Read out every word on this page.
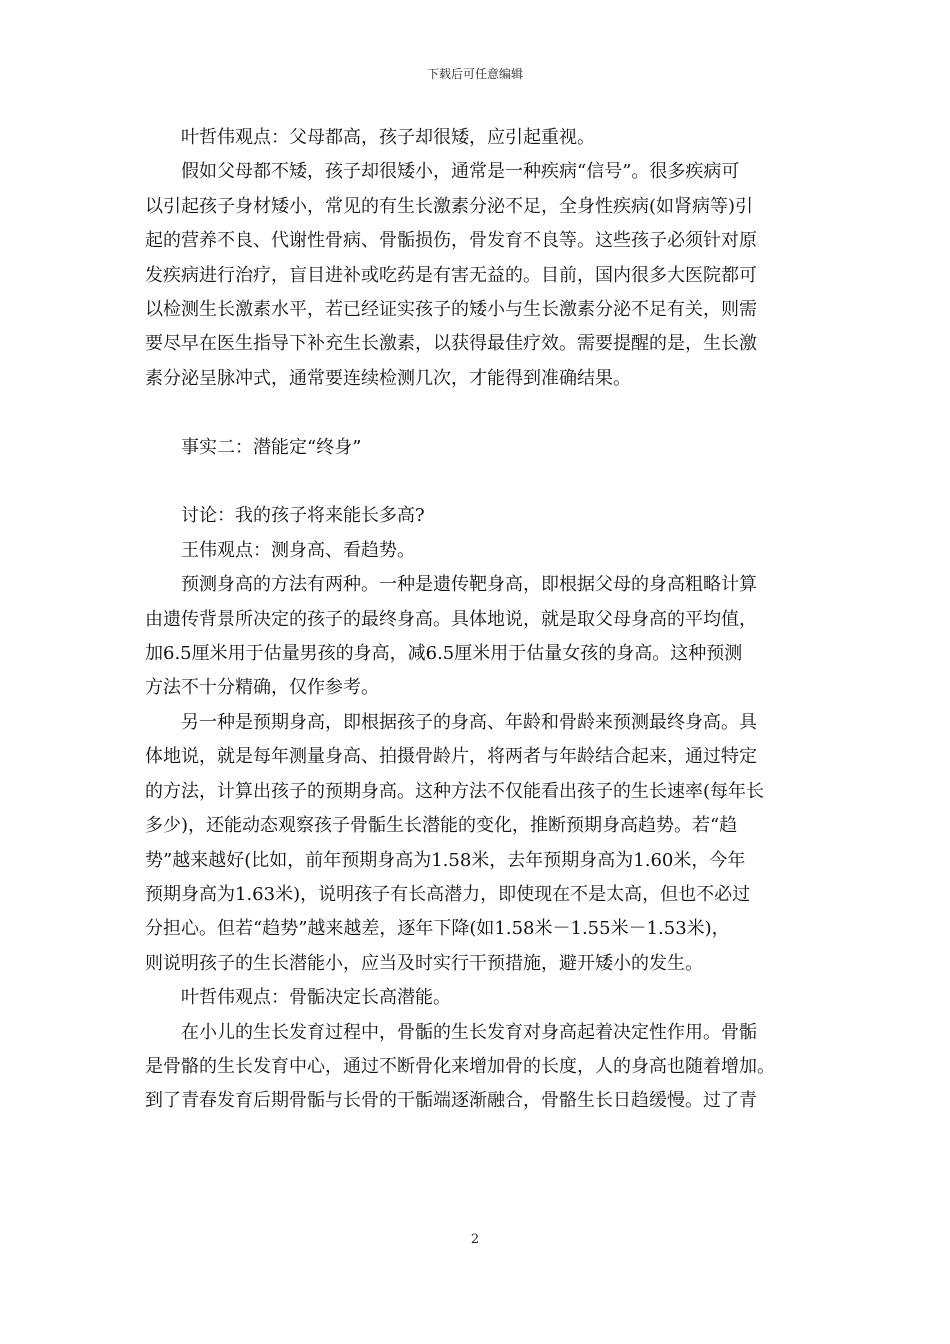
下载后可任意编辑

叶哲伟观点：父母都高，孩子却很矮，应引起重视。

假如父母都不矮，孩子却很矮小，通常是一种疾病“信号”。很多疾病可

以引起孩子身材矮小，常见的有生长激素分泌不足，全身性疾病(如肾病等)引

起的营养不良、代谢性骨病、骨骺损伤，骨发育不良等。这些孩子必须针对原

发疾病进行治疗，盲目进补或吃药是有害无益的。目前，国内很多大医院都可

以检测生长激素水平，若已经证实孩子的矮小与生长激素分泌不足有关，则需

要尽早在医生指导下补充生长激素，以获得最佳疗效。需要提醒的是，生长激

素分泌呈脉冲式，通常要连续检测几次，才能得到准确结果。

事实二：潜能定“终身”

讨论：我的孩子将来能长多高?

王伟观点：测身高、看趋势。

预测身高的方法有两种。一种是遗传靶身高，即根据父母的身高粗略计算

由遗传背景所决定的孩子的最终身高。具体地说，就是取父母身高的平均值，

加6.5厘米用于估量男孩的身高，减6.5厘米用于估量女孩的身高。这种预测

方法不十分精确，仅作参考。

另一种是预期身高，即根据孩子的身高、年龄和骨龄来预测最终身高。具

体地说，就是每年测量身高、拍摄骨龄片，将两者与年龄结合起来，通过特定

的方法，计算出孩子的预期身高。这种方法不仅能看出孩子的生长速率(每年长

多少)，还能动态观察孩子骨骺生长潜能的变化，推断预期身高趋势。若“趋

势”越来越好(比如，前年预期身高为1.58米，去年预期身高为1.60米，今年

预期身高为1.63米)，说明孩子有长高潜力，即使现在不是太高，但也不必过

分担心。但若“趋势”越来越差，逐年下降(如1.58米－1.55米－1.53米)，

则说明孩子的生长潜能小，应当及时实行干预措施，避开矮小的发生。

叶哲伟观点：骨骺决定长高潜能。

在小儿的生长发育过程中，骨骺的生长发育对身高起着决定性作用。骨骺

是骨骼的生长发育中心，通过不断骨化来增加骨的长度，人的身高也随着增加。

到了青春发育后期骨骺与长骨的干骺端逐渐融合，骨骼生长日趋缓慢。过了青

2
